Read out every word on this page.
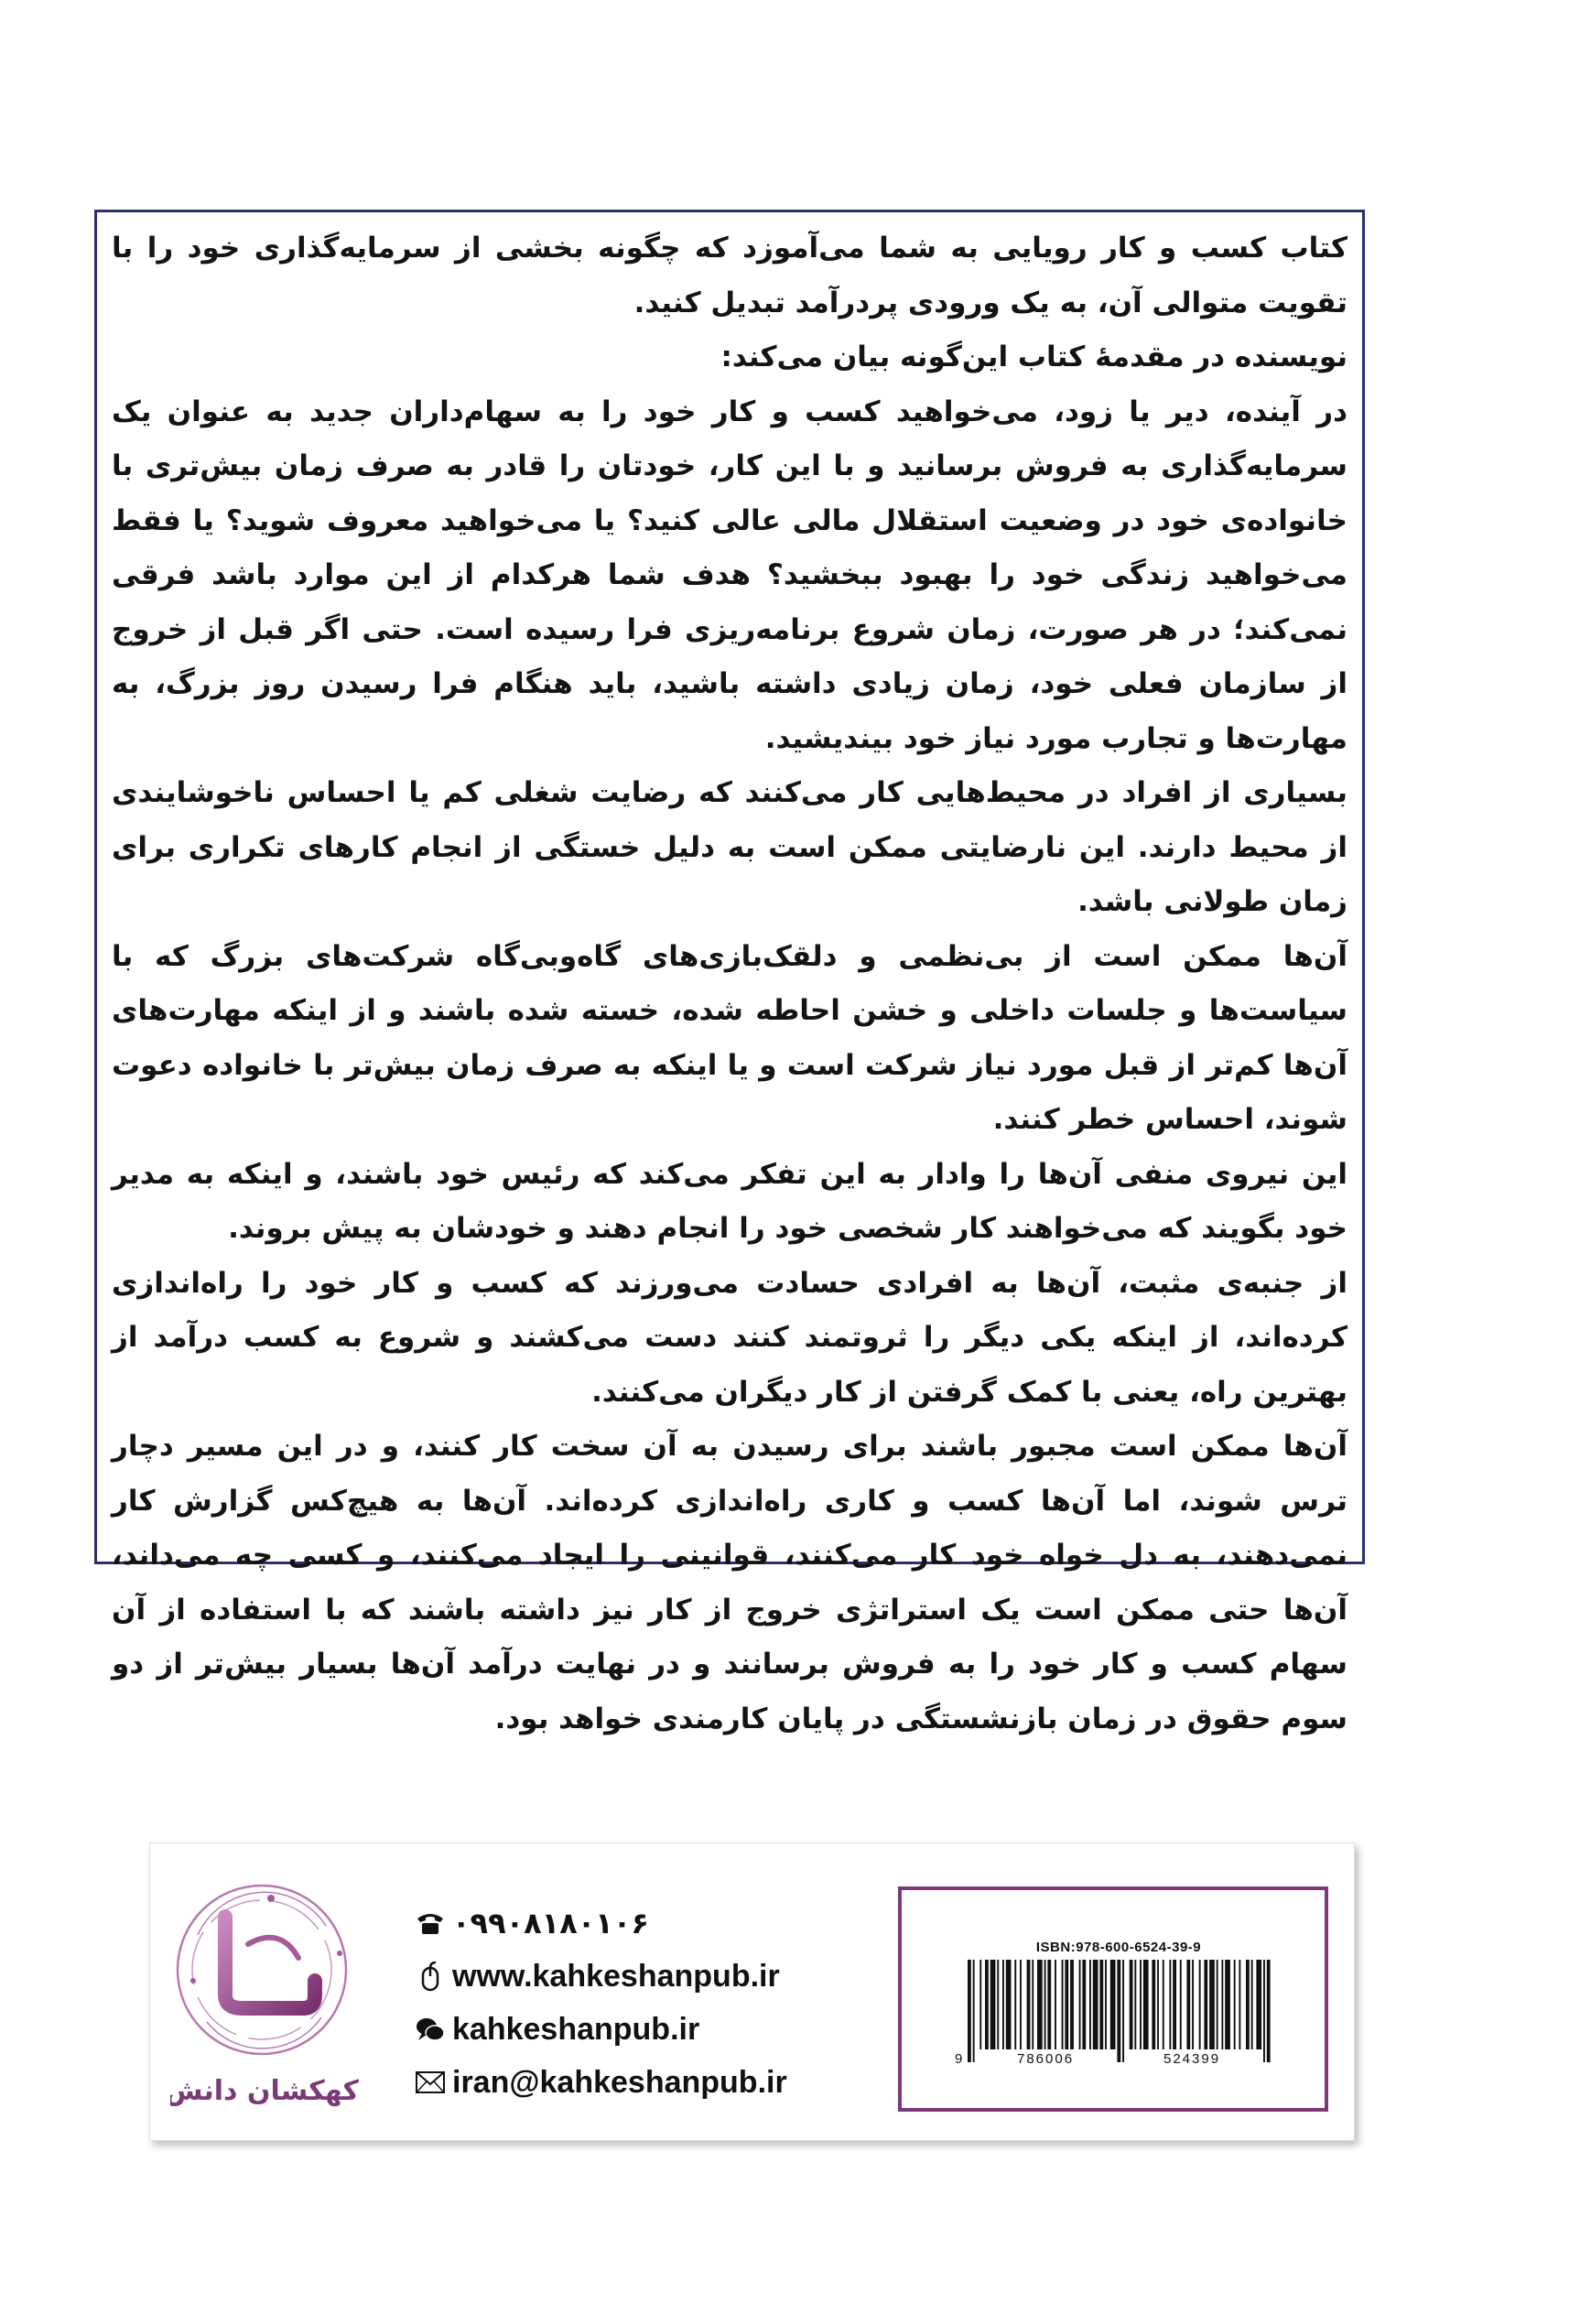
کتاب کسب و کار رویایی به شما می‌آموزد که چگونه بخشی از سرمایه‌گذاری خود را با تقویت متوالی آن، به یک ورودی پردرآمد تبدیل کنید.

نویسنده در مقدمهٔ کتاب این‌گونه بیان می‌کند:

در آینده، دیر یا زود، می‌خواهید کسب و کار خود را به سهام‌داران جدید به عنوان یک سرمایه‌گذاری به فروش برسانید و با این کار، خودتان را قادر به صرف زمان بیش‌تری با خانواده‌ی خود در وضعیت استقلال مالی عالی کنید؟ یا می‌خواهید معروف شوید؟ یا فقط می‌خواهید زندگی خود را بهبود ببخشید؟ هدف شما هرکدام از این موارد باشد فرقی نمی‌کند؛ در هر صورت، زمان شروع برنامه‌ریزی فرا رسیده است. حتی اگر قبل از خروج از سازمان فعلی خود، زمان زیادی داشته باشید، باید هنگام فرا رسیدن روز بزرگ، به مهارت‌ها و تجارب مورد نیاز خود بیندیشید.

بسیاری از افراد در محیط‌هایی کار می‌کنند که رضایت شغلی کم یا احساس ناخوشایندی از محیط دارند. این نارضایتی ممکن است به دلیل خستگی از انجام کارهای تکراری برای زمان طولانی باشد.

آن‌ها ممکن است از بی‌نظمی و دلقک‌بازی‌های گاه‌وبی‌گاه شرکت‌های بزرگ که با سیاست‌ها و جلسات داخلی و خشن احاطه شده، خسته شده باشند و از اینکه مهارت‌های آن‌ها کم‌تر از قبل مورد نیاز شرکت است و یا اینکه به صرف زمان بیش‌تر با خانواده دعوت شوند، احساس خطر کنند.

این نیروی منفی آن‌ها را وادار به این تفکر می‌کند که رئیس خود باشند، و اینکه به مدیر خود بگویند که می‌خواهند کار شخصی خود را انجام دهند و خودشان به پیش بروند.

از جنبه‌ی مثبت، آن‌ها به افرادی حسادت می‌ورزند که کسب و کار خود را راه‌اندازی کرده‌اند، از اینکه یکی دیگر را ثروتمند کنند دست می‌کشند و شروع به کسب درآمد از بهترین راه، یعنی با کمک گرفتن از کار دیگران می‌کنند.

آن‌ها ممکن است مجبور باشند برای رسیدن به آن سخت کار کنند، و در این مسیر دچار ترس شوند، اما آن‌ها کسب و کاری راه‌اندازی کرده‌اند. آن‌ها به هیچ‌کس گزارش کار نمی‌دهند، به دل خواه خود کار می‌کنند، قوانینی را ایجاد می‌کنند، و کسی چه می‌داند، آن‌ها حتی ممکن است یک استراتژی خروج از کار نیز داشته باشند که با استفاده از آن سهام کسب و کار خود را به فروش برسانند و در نهایت درآمد آن‌ها بسیار بیش‌تر از دو سوم حقوق در زمان بازنشستگی در پایان کارمندی خواهد بود.

کهکشان دانش
۰۹۹۰۸۱۸۰۱۰۶
www.kahkeshanpub.ir
kahkeshanpub.ir
iran@kahkeshanpub.ir
ISBN:978-600-6524-39-9
9	786006	524399
